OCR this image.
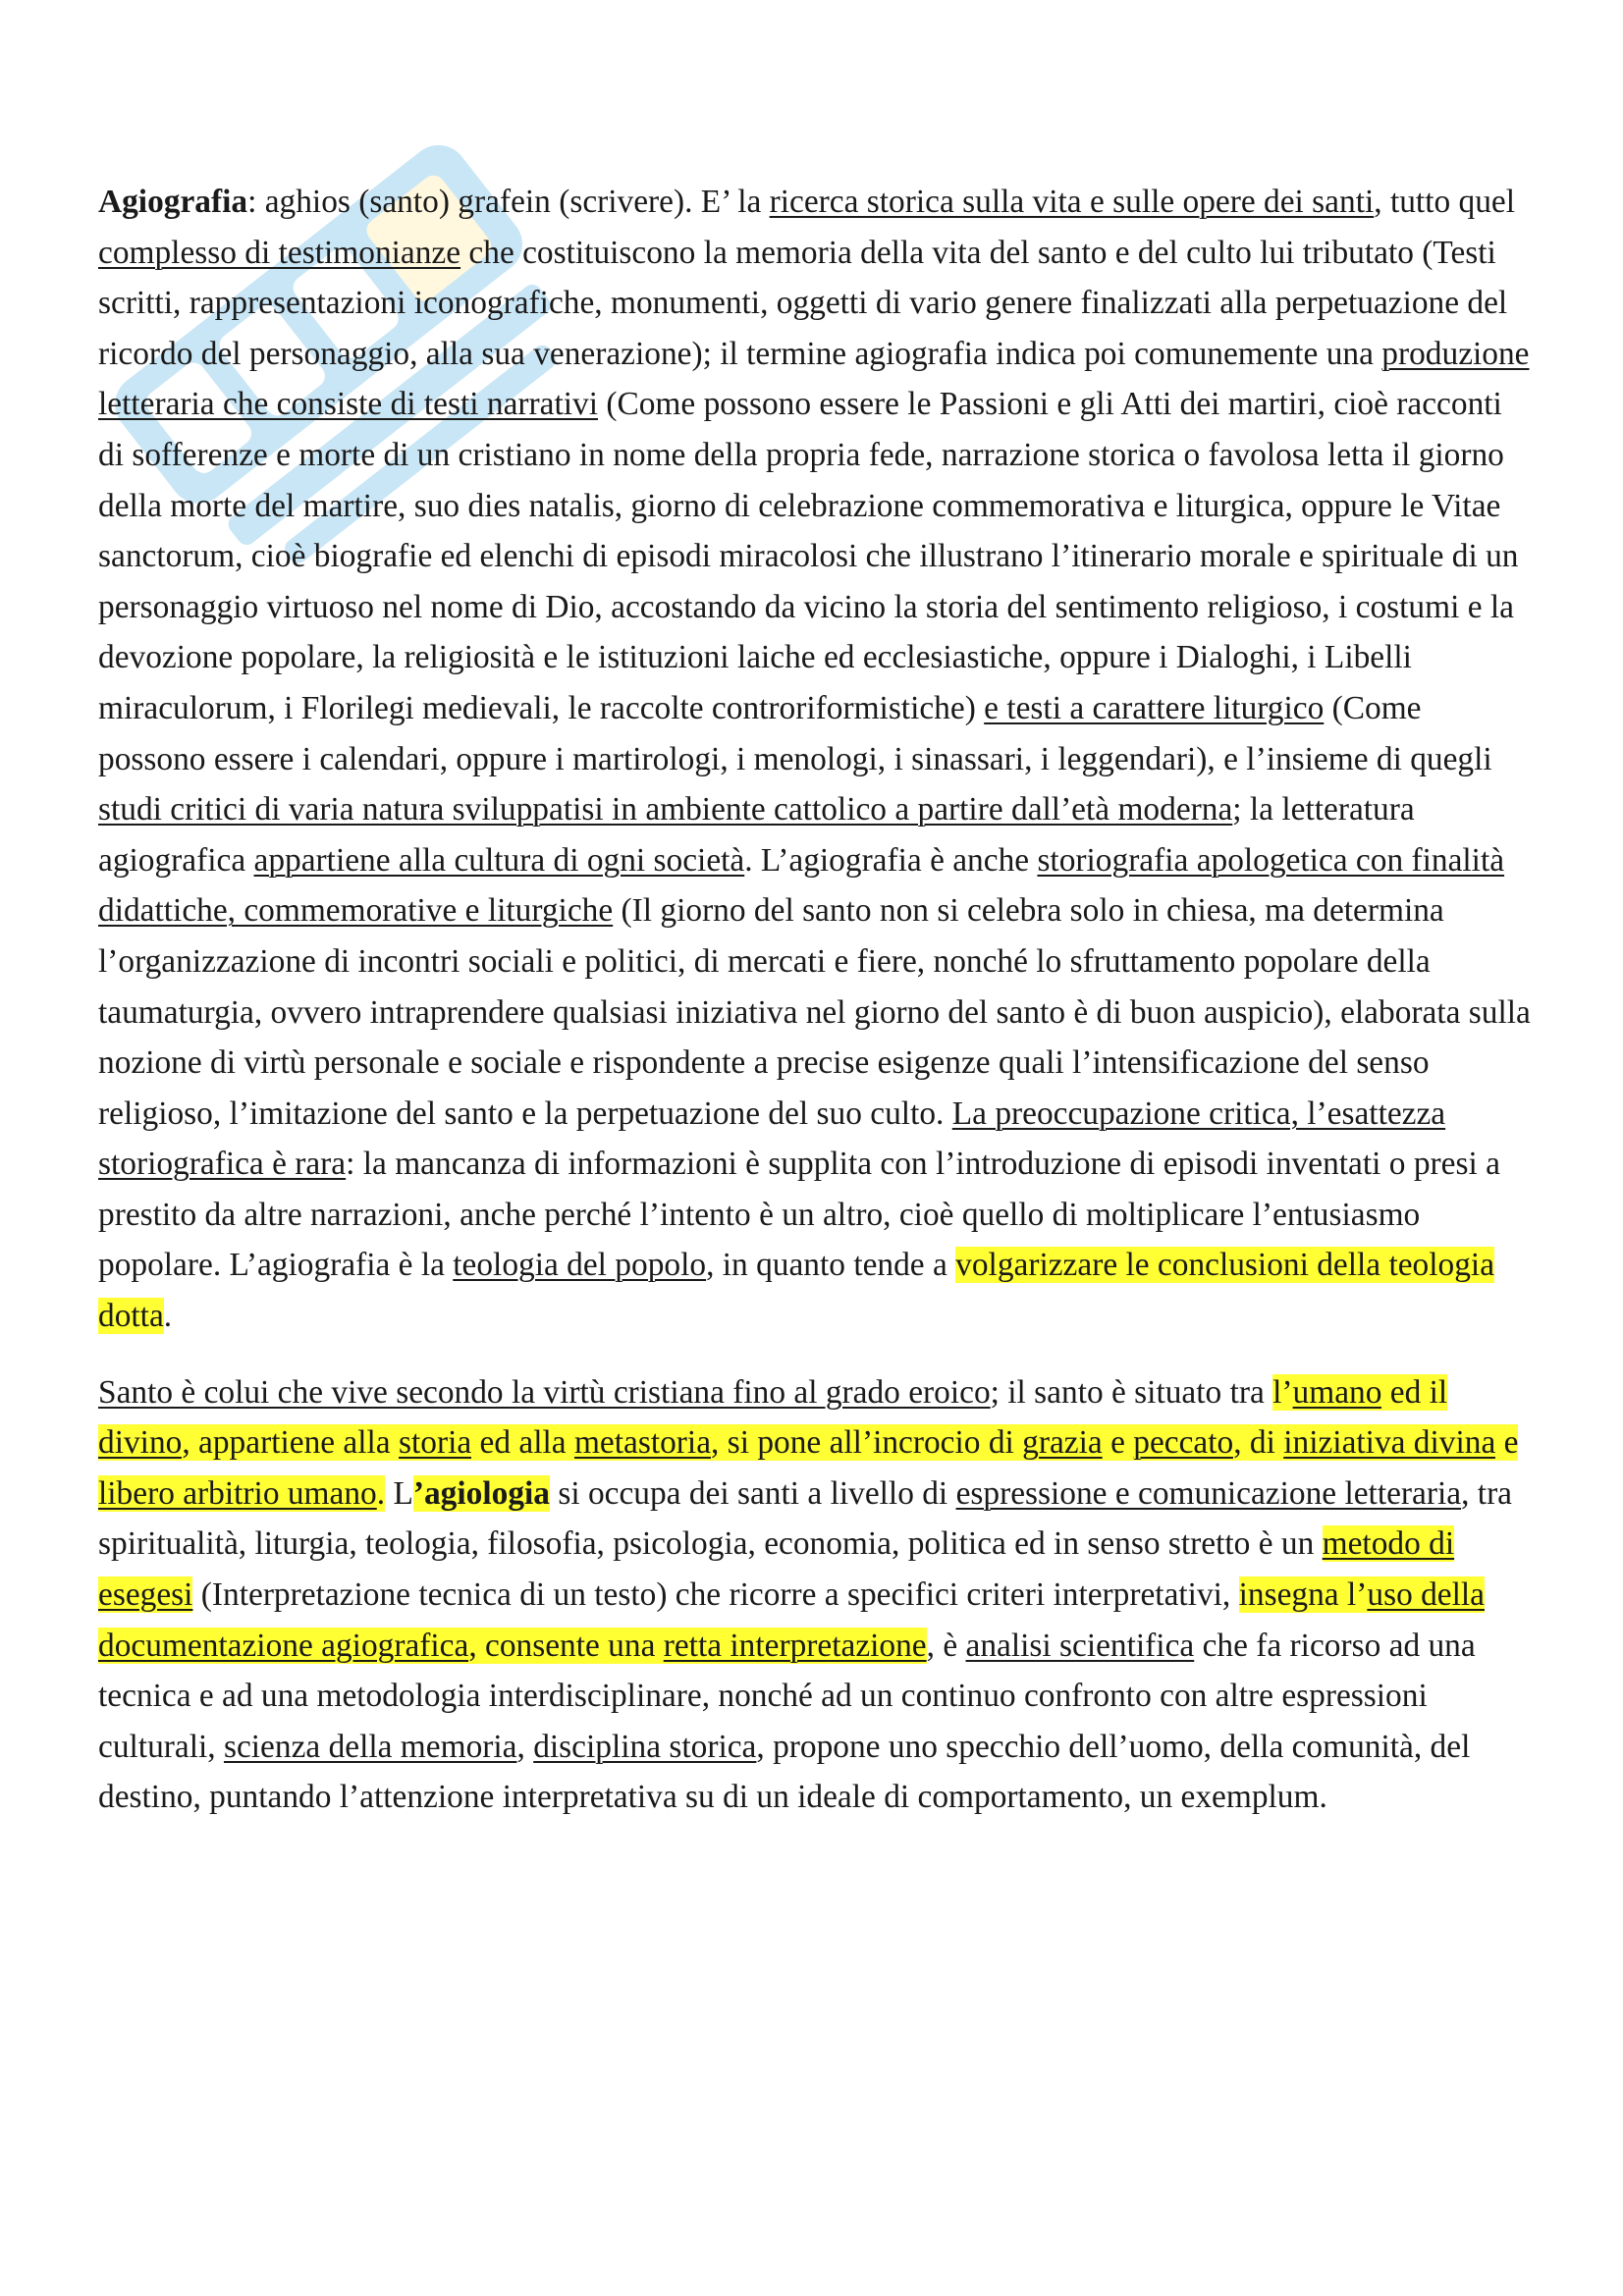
Agiografia: aghios (santo) grafein (scrivere). E’ la ricerca storica sulla vita e sulle opere dei santi, tutto quel complesso di testimonianze che costituiscono la memoria della vita del santo e del culto lui tributato (Testi scritti, rappresentazioni iconografiche, monumenti, oggetti di vario genere finalizzati alla perpetuazione del ricordo del personaggio, alla sua venerazione); il termine agiografia indica poi comunemente una produzione letteraria che consiste di testi narrativi (Come possono essere le Passioni e gli Atti dei martiri, cioè racconti di sofferenze e morte di un cristiano in nome della propria fede, narrazione storica o favolosa letta il giorno della morte del martire, suo dies natalis, giorno di celebrazione commemorativa e liturgica, oppure le Vitae sanctorum, cioè biografie ed elenchi di episodi miracolosi che illustrano l’itinerario morale e spirituale di un personaggio virtuoso nel nome di Dio, accostando da vicino la storia del sentimento religioso, i costumi e la devozione popolare, la religiosità e le istituzioni laiche ed ecclesiastiche, oppure i Dialoghi, i Libelli miraculorum, i Florilegi medievali, le raccolte controriformistiche) e testi a carattere liturgico (Come possono essere i calendari, oppure i martirologi, i menologi, i sinassari, i leggendari), e l’insieme di quegli studi critici di varia natura sviluppatisi in ambiente cattolico a partire dall’età moderna; la letteratura agiografica appartiene alla cultura di ogni società. L’agiografia è anche storiografia apologetica con finalità didattiche, commemorative e liturgiche (Il giorno del santo non si celebra solo in chiesa, ma determina l’organizzazione di incontri sociali e politici, di mercati e fiere, nonché lo sfruttamento popolare della taumaturgia, ovvero intraprendere qualsiasi iniziativa nel giorno del santo è di buon auspicio), elaborata sulla nozione di virtù personale e sociale e rispondente a precise esigenze quali l’intensificazione del senso religioso, l’imitazione del santo e la perpetuazione del suo culto. La preoccupazione critica, l’esattezza storiografica è rara: la mancanza di informazioni è supplita con l’introduzione di episodi inventati o presi a prestito da altre narrazioni, anche perché l’intento è un altro, cioè quello di moltiplicare l’entusiasmo popolare. L’agiografia è la teologia del popolo, in quanto tende a volgarizzare le conclusioni della teologia dotta.

Santo è colui che vive secondo la virtù cristiana fino al grado eroico; il santo è situato tra l’umano ed il divino, appartiene alla storia ed alla metastoria, si pone all’incrocio di grazia e peccato, di iniziativa divina e libero arbitrio umano. L’agiologia si occupa dei santi a livello di espressione e comunicazione letteraria, tra spiritualità, liturgia, teologia, filosofia, psicologia, economia, politica ed in senso stretto è un metodo di esegesi (Interpretazione tecnica di un testo) che ricorre a specifici criteri interpretativi, insegna l’uso della documentazione agiografica, consente una retta interpretazione, è analisi scientifica che fa ricorso ad una tecnica e ad una metodologia interdisciplinare, nonché ad un continuo confronto con altre espressioni culturali, scienza della memoria, disciplina storica, propone uno specchio dell’uomo, della comunità, del destino, puntando l’attenzione interpretativa su di un ideale di comportamento, un exemplum.
